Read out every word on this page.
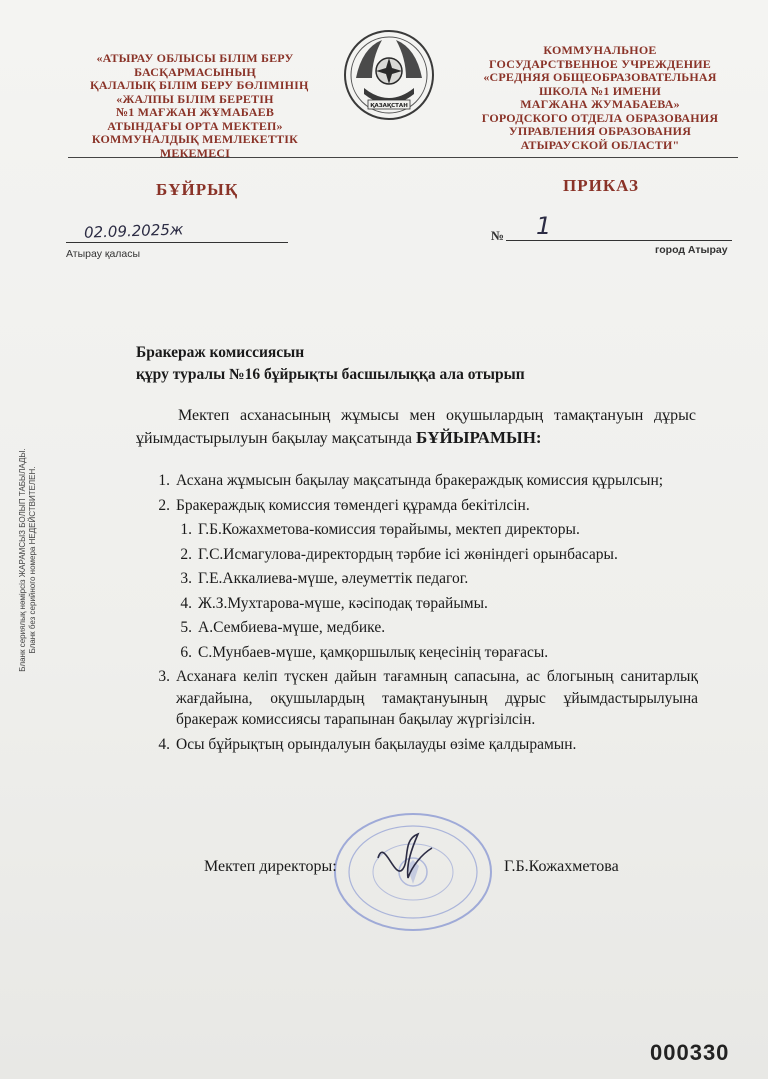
«АТЫРАУ ОБЛЫСЫ БІЛІМ БЕРУ
БАСҚАРМАСЫНЫҢ
ҚАЛАЛЫҚ БІЛІМ БЕРУ БӨЛІМІНІҢ
«ЖАЛПЫ БІЛІМ БЕРЕТІН
№1 МАҒЖАН ЖҰМАБАЕВ
АТЫНДАҒЫ ОРТА МЕКТЕП»
КОММУНАЛДЫҚ МЕМЛЕКЕТТІК
МЕКЕМЕСІ
ҚАЗАҚСТАН
КОММУНАЛЬНОЕ
ГОСУДАРСТВЕННОЕ УЧРЕЖДЕНИЕ
«СРЕДНЯЯ ОБЩЕОБРАЗОВАТЕЛЬНАЯ
ШКОЛА №1 ИМЕНИ
МАГЖАНА ЖУМАБАЕВА»
ГОРОДСКОГО ОТДЕЛА ОБРАЗОВАНИЯ
УПРАВЛЕНИЯ ОБРАЗОВАНИЯ
АТЫРАУСКОЙ ОБЛАСТИ"
БҰЙРЫҚ	ПРИКАЗ
02.09.2025ж
Атырау қаласы
№ 1
город Атырау
Бланк сериялық нөмірсіз ЖАРАМСЫЗ БОЛЫП ТАБЫЛАДЫ. Бланк без серийного номера НЕДЕЙСТВИТЕЛЕН.
Бракераж комиссиясын
құру туралы №16 бұйрықты басшылыққа ала отырып
Мектеп асханасының жұмысы мен оқушылардың тамақтануын дұрыс ұйымдастырылуын бақылау мақсатында БҰЙЫРАМЫН:
1. Асхана жұмысын бақылау мақсатында бракераждық комиссия құрылсын;
2. Бракераждық комиссия төмендегі құрамда бекітілсін.
1. Г.Б.Кожахметова-комиссия төрайымы, мектеп директоры.
2. Г.С.Исмагулова-директордың тәрбие ісі жөніндегі орынбасары.
3. Г.Е.Аккалиева-мүше, әлеуметтік педагог.
4. Ж.З.Мухтарова-мүше, кәсіподақ төрайымы.
5. А.Сембиева-мүше, медбике.
6. С.Мунбаев-мүше, қамқоршылық кеңесінің төрағасы.
3. Асханаға келіп түскен дайын тағамның сапасына, ас блогының санитарлық жағдайына, оқушылардың тамақтануының дұрыс ұйымдастырылуына бракераж комиссиясы тарапынан бақылау жүргізілсін.
4. Осы бұйрықтың орындалуын бақылауды өзіме қалдырамын.
Мектеп директоры:	Г.Б.Кожахметова
000330
